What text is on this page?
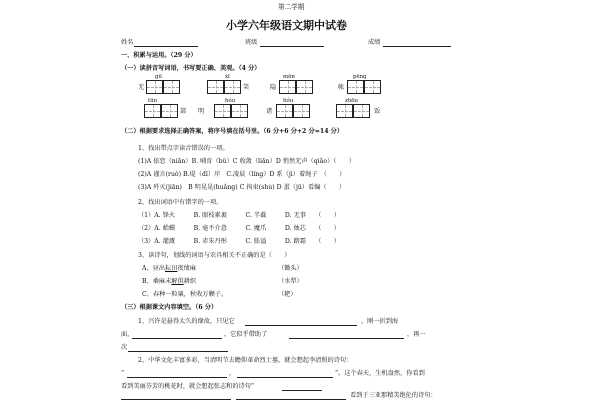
第二学期
小学六年级语文期中试卷
姓名	班级	成绩
一、积累与运用。（29 分）
（一）读拼音写词语，书写要正确、美观。（4 分）
gū	xī	mōn	pēng
无	笑	隐	帐
tūn	hóu	hóu	zhōu
部 明	诸	饭
（二）根据要求选择正确答案，将序号填在括号里。（6 分+6 分+2 分=14 分）
1、找出带点字读音错误的一项。
(1)A 依恋（niǎn）B. 哺育（bǔ）C 收敛（liǎn）D 悄然无声（qiǎo）（　　）
(2)A 谨言(ruò) B.堤（dī）岸　C.凌晨（líng）D 系（jì）着绳子　（　　）
(3)A 歼灭(jiān)　B 明晃晃(huǎng) C 拘束(shù) D 蛋（jū）看编（　　）
2、找出词语中有错字的一项。
（1）A. 锋火　　　B. 眼枝素裹　　　C. 半截　　　D. 无事　　（　　）
（2）A. 蛤蟆　　　B. 毫不介意　　　C. 魔爪　　　D. 烛芯　　（　　）
（3）A. 灌溉　　　B. 赤朱丹彤　　　C. 胀溢　　　D. 踏霜　　（　　）
3、读诗句，划线的词语与农具相关不正确的是（　　）
A、昼出耘田夜绩麻	（锄头）
B、桑麻未解供耕织	（水犁）
C、春种一粒粟，秋收万颗子。	（耙）
（三）根据课文内容填空。（6 分）
1、兴许是悬得太久的缘故，只见它	，刚一折到海
面，	，它似乎借助了	，再一
次
2、中华文化丰富多彩，当清明节去瞻仰革命烈士墓，就会想起李清照的诗句：
“	，	”。这个春天，生机盎然，你看到
看到美丽芬芳的桃花时，就会想起张志和的诗句“
看到于三亚那精美绝伦的诗句：
